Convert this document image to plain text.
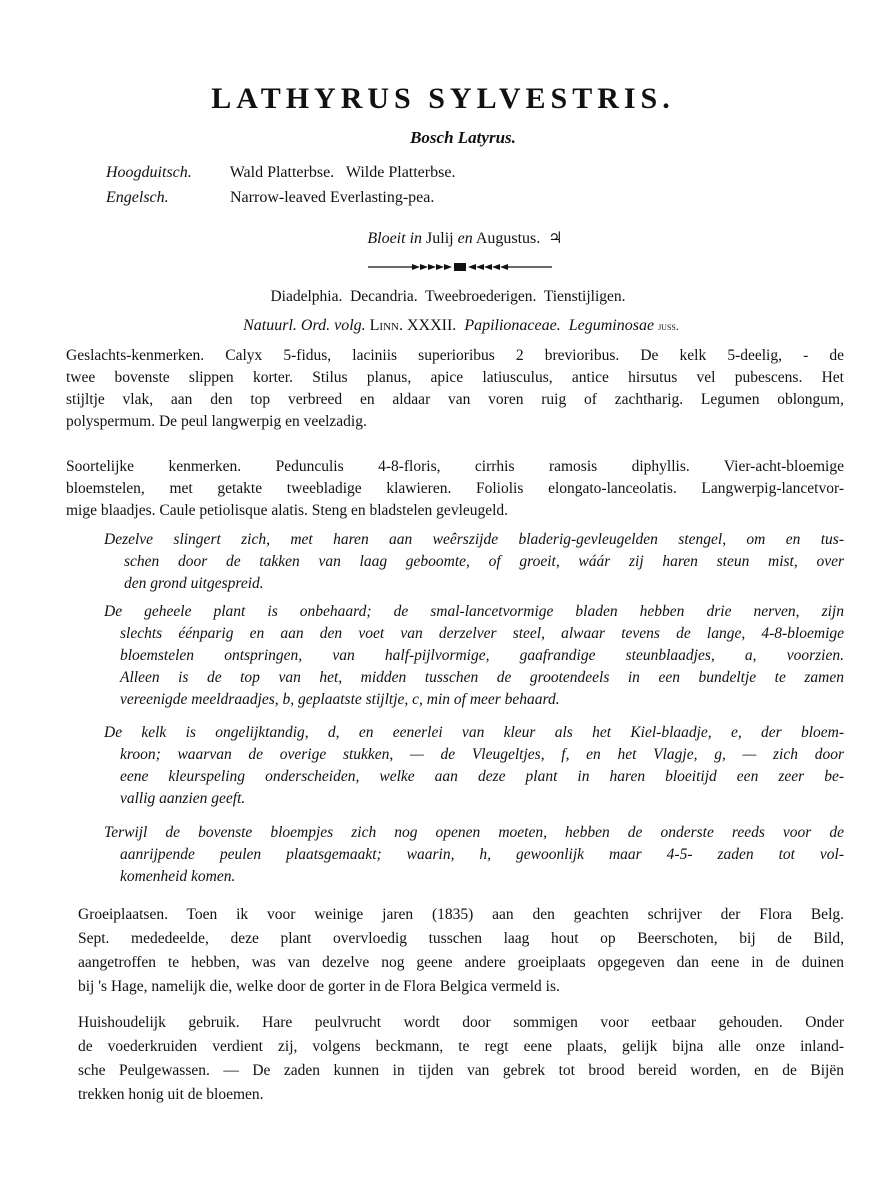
LATHYRUS SYLVESTRIS.
Bosch Latyrus.
Hoogduitsch. Wald Platterbse.   Wilde Platterbse.
Engelsch.	Narrow-leaved Everlasting-pea.
Bloeit in Julij en Augustus. ♃
Diadelphia.  Decandria.  Tweebroederigen.  Tienstijligen.
Natuurl. Ord. volg. Linn. XXXII. Papilionaceae. Leguminosae juss.
Geslachts-kenmerken. Calyx 5-fidus, laciniis superioribus 2 brevioribus. De kelk 5-deelig, - de
twee bovenste slippen korter. Stilus planus, apice latiusculus, antice hirsutus vel pubescens. Het
stijltje vlak, aan den top verbreed en aldaar van voren ruig of zachtharig. Legumen oblongum,
polyspermum. De peul langwerpig en veelzadig.
Soortelijke kenmerken. Pedunculis 4-8-floris, cirrhis ramosis diphyllis. Vier-acht-bloemige
bloemstelen, met getakte tweebladige klawieren. Foliolis elongato-lanceolatis. Langwerpig-lancetvor-
mige blaadjes. Caule petiolisque alatis. Steng en bladstelen gevleugeld.
Dezelve slingert zich, met haren aan weêrszijde bladerig-gevleugelden stengel, om en tus-
schen door de takken van laag geboomte, of groeit, wáár zij haren steun mist, over
den grond uitgespreid.
De geheele plant is onbehaard; de smal-lancetvormige bladen hebben drie nerven, zijn
slechts éénparig en aan den voet van derzelver steel, alwaar tevens de lange, 4-8-bloemige
bloemstelen ontspringen, van half-pijlvormige, gaafrandige steunblaadjes, a, voorzien.
Alleen is de top van het, midden tusschen de grootendeels in een bundeltje te zamen
vereenigde meeldraadjes, b, geplaatste stijltje, c, min of meer behaard.
De kelk is ongelijktandig, d, en eenerlei van kleur als het Kiel-blaadje, e, der bloem-
kroon; waarvan de overige stukken, — de Vleugeltjes, f, en het Vlagje, g, — zich door
eene kleurspeling onderscheiden, welke aan deze plant in haren bloeitijd een zeer be-
vallig aanzien geeft.
Terwijl de bovenste bloempjes zich nog openen moeten, hebben de onderste reeds voor de
aanrijpende peulen plaatsgemaakt; waarin, h, gewoonlijk maar 4-5- zaden tot vol-
komenheid komen.
Groeiplaatsen. Toen ik voor weinige jaren (1835) aan den geachten schrijver der Flora Belg.
Sept. mededeelde, deze plant overvloedig tusschen laag hout op Beerschoten, bij de Bild,
aangetroffen te hebben, was van dezelve nog geene andere groeiplaats opgegeven dan eene in de duinen
bij 's Hage, namelijk die, welke door de gorter in de Flora Belgica vermeld is.
Huishoudelijk gebruik. Hare peulvrucht wordt door sommigen voor eetbaar gehouden. Onder
de voederkruiden verdient zij, volgens beckmann, te regt eene plaats, gelijk bijna alle onze inland-
sche Peulgewassen. — De zaden kunnen in tijden van gebrek tot brood bereid worden, en de Bijën
trekken honig uit de bloemen.
